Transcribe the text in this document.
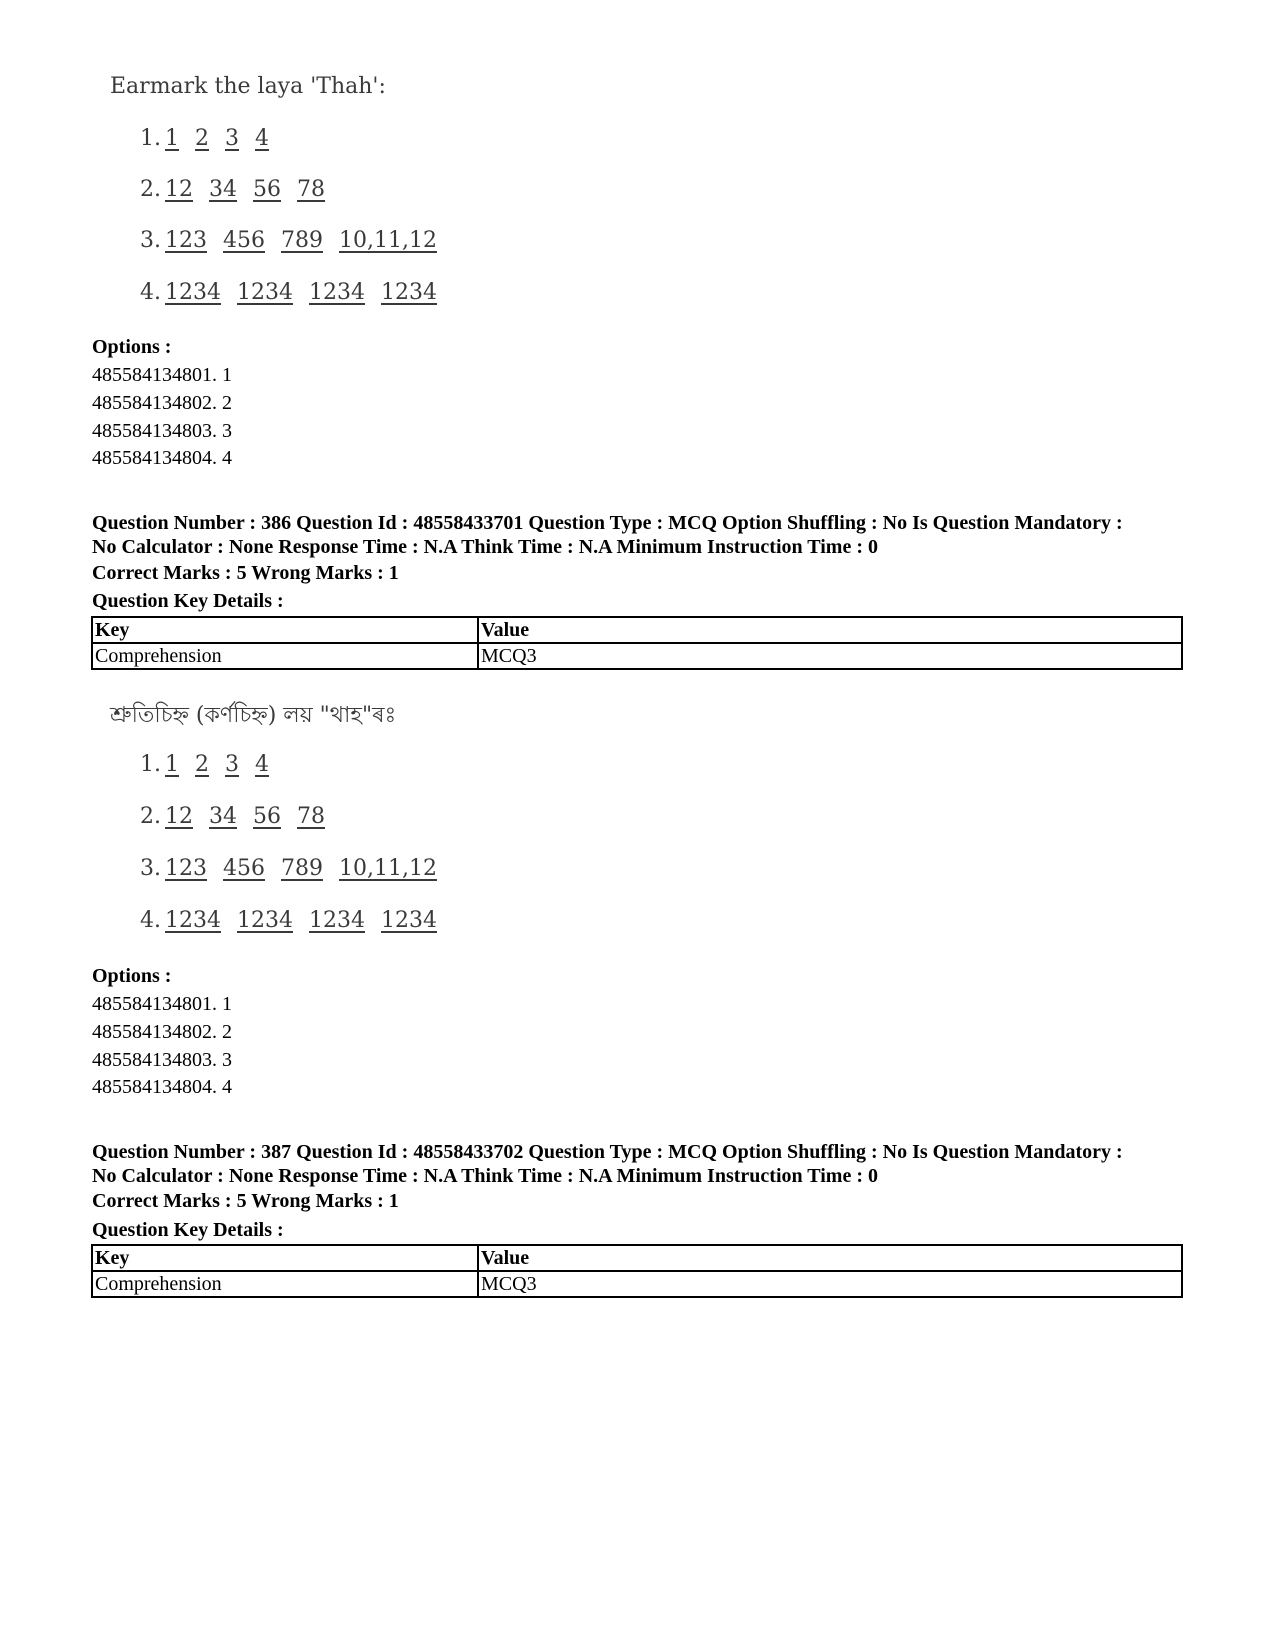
Earmark the laya 'Thah':
1. 1 2 3 4
2. 12 34 56 78
3. 123 456 789 10,11,12
4. 1234 1234 1234 1234
Options :
485584134801. 1
485584134802. 2
485584134803. 3
485584134804. 4
Question Number : 386 Question Id : 48558433701 Question Type : MCQ Option Shuffling : No Is Question Mandatory :
No Calculator : None Response Time : N.A Think Time : N.A Minimum Instruction Time : 0
Correct Marks : 5 Wrong Marks : 1
Question Key Details :
Key	Value
Comprehension	MCQ3
শ্ৰুতিচিহ্ন (কৰ্ণচিহ্ন) লয় "থাহ"ৰঃ
1. 1 2 3 4
2. 12 34 56 78
3. 123 456 789 10,11,12
4. 1234 1234 1234 1234
Options :
485584134801. 1
485584134802. 2
485584134803. 3
485584134804. 4
Question Number : 387 Question Id : 48558433702 Question Type : MCQ Option Shuffling : No Is Question Mandatory :
No Calculator : None Response Time : N.A Think Time : N.A Minimum Instruction Time : 0
Correct Marks : 5 Wrong Marks : 1
Question Key Details :
Key	Value
Comprehension	MCQ3
